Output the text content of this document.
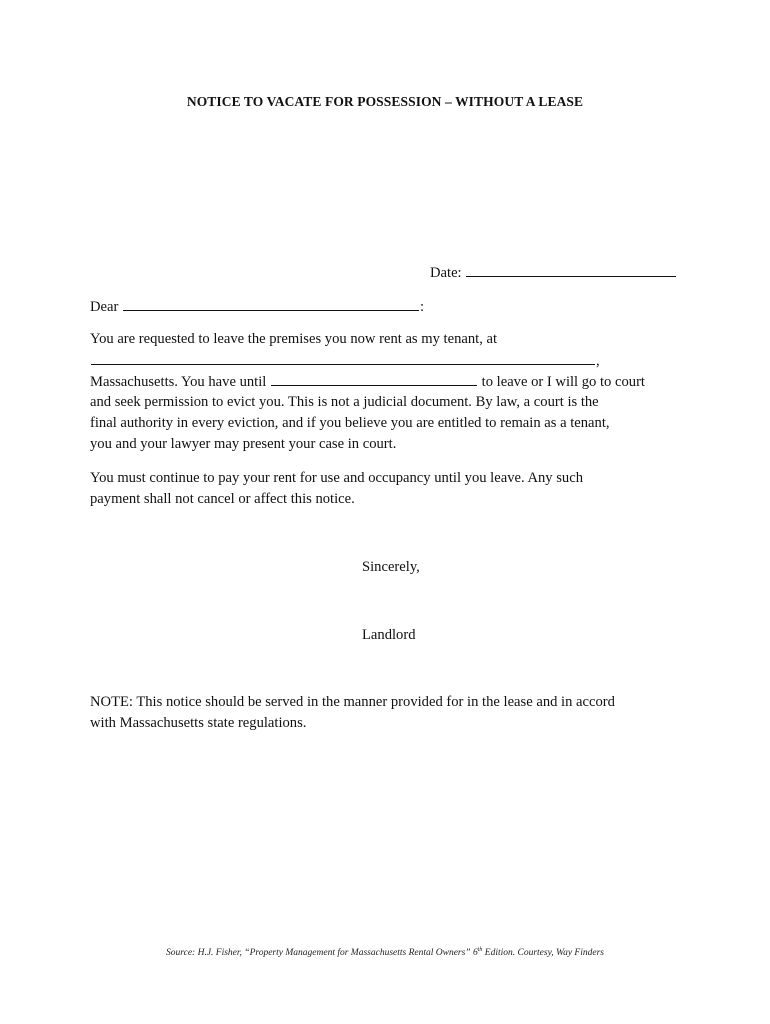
NOTICE TO VACATE FOR POSSESSION – WITHOUT A LEASE
Date:
Dear	:
You are requested to leave the premises you now rent as my tenant, at
,
Massachusetts. You have until	to leave or I will go to court
and seek permission to evict you. This is not a judicial document. By law, a court is the
final authority in every eviction, and if you believe you are entitled to remain as a tenant,
you and your lawyer may present your case in court.
You must continue to pay your rent for use and occupancy until you leave. Any such
payment shall not cancel or affect this notice.
Sincerely,
Landlord
NOTE: This notice should be served in the manner provided for in the lease and in accord
with Massachusetts state regulations.
Source: H.J. Fisher, “Property Management for Massachusetts Rental Owners” 6th Edition. Courtesy, Way Finders
